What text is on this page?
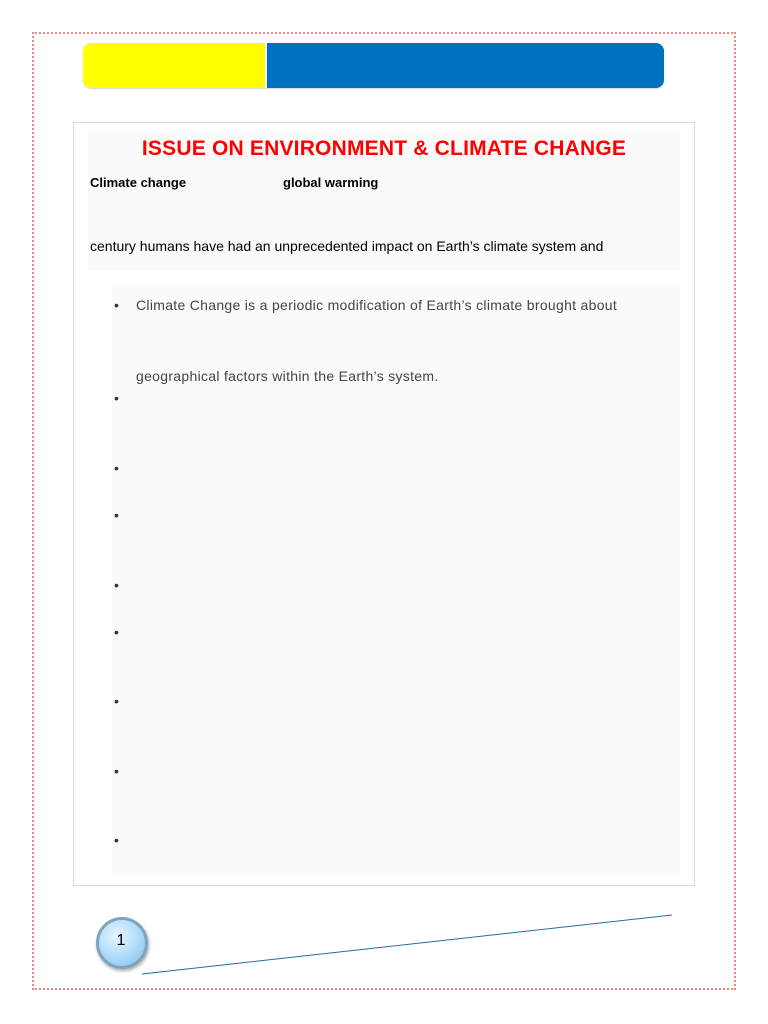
ISSUE ON ENVIRONMENT & CLIMATE CHANGE
Climate change	global warming
century humans have had an unprecedented impact on Earth’s climate system and
• Climate Change is a periodic modification of Earth’s climate brought about
geographical factors within the Earth’s system.
•
•
•
•
•
•
•
•
1
